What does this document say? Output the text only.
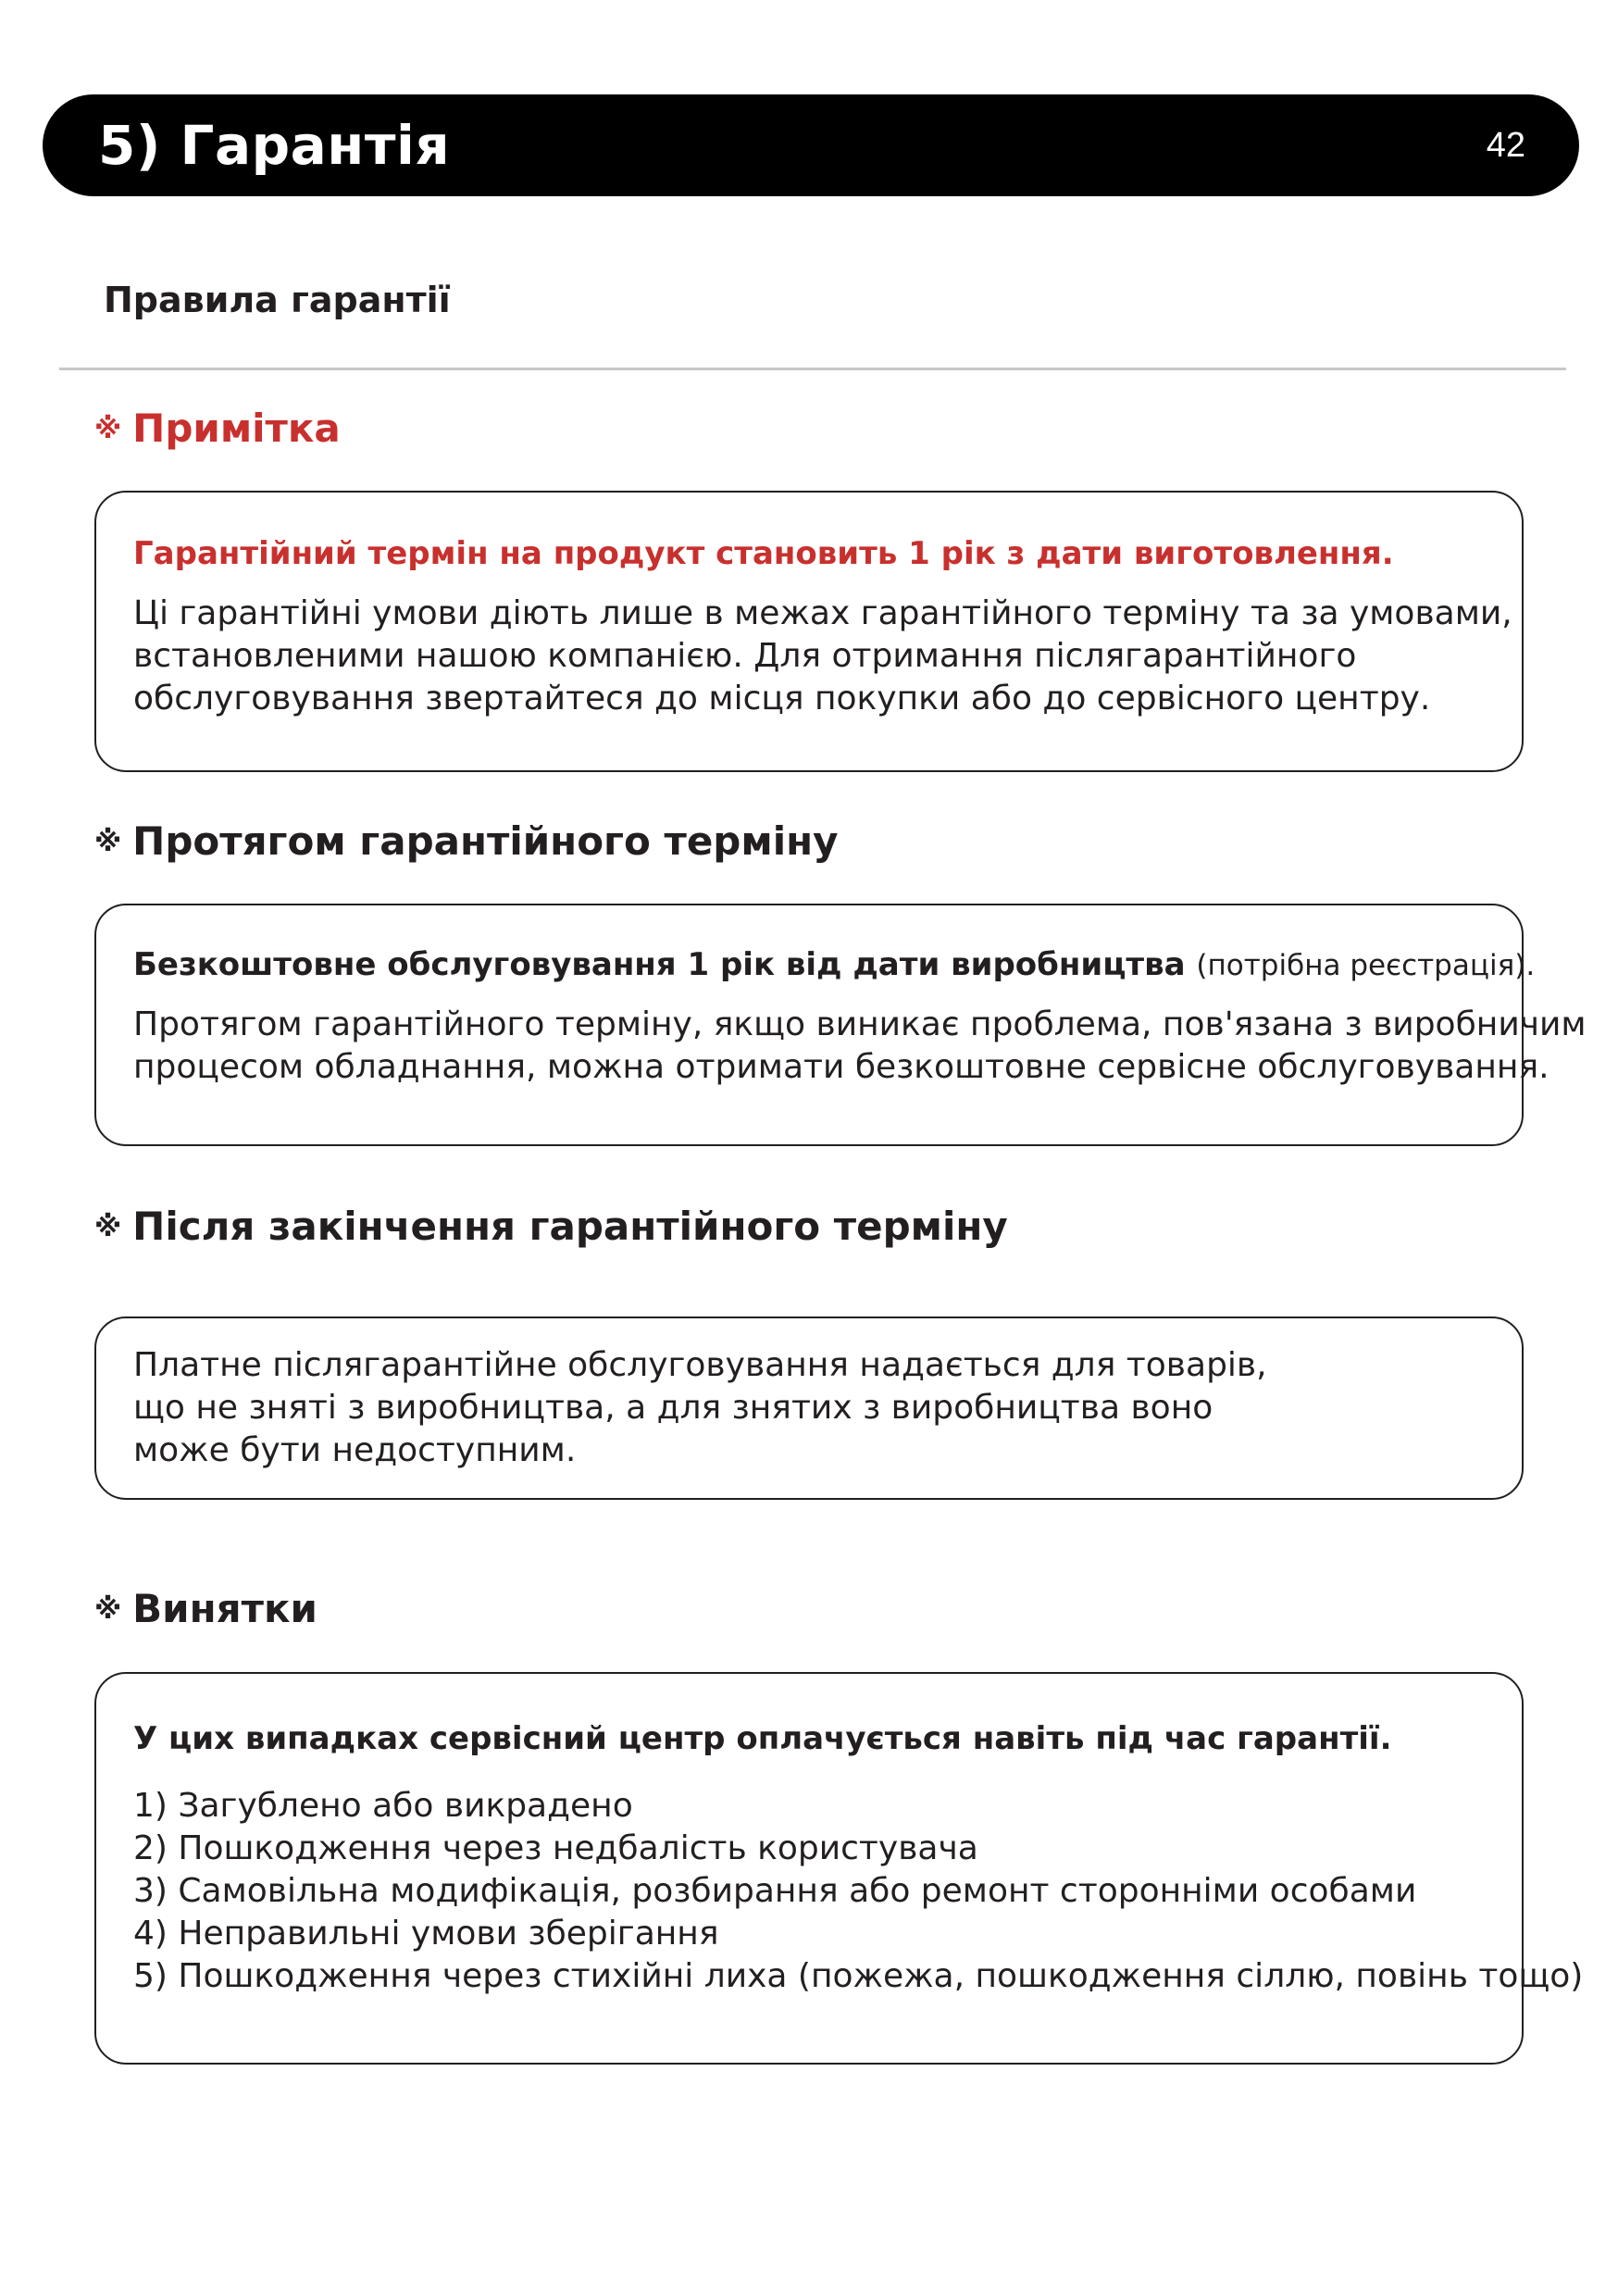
5) Гарантія	42
Правила гарантії
※ Примітка
Гарантійний термін на продукт становить 1 рік з дати виготовлення.
Ці гарантійні умови діють лише в межах гарантійного терміну та за умовами,
встановленими нашою компанією. Для отримання післягарантійного
обслуговування звертайтеся до місця покупки або до сервісного центру.
※ Протягом гарантійного терміну
Безкоштовне обслуговування 1 рік від дати виробництва (потрібна реєстрація).
Протягом гарантійного терміну, якщо виникає проблема, пов'язана з виробничим
процесом обладнання, можна отримати безкоштовне сервісне обслуговування.
※ Після закінчення гарантійного терміну
Платне післягарантійне обслуговування надається для товарів,
що не зняті з виробництва, а для знятих з виробництва воно
може бути недоступним.
※ Винятки
У цих випадках сервісний центр оплачується навіть під час гарантії.
1) Загублено або викрадено
2) Пошкодження через недбалість користувача
3) Самовільна модифікація, розбирання або ремонт сторонніми особами
4) Неправильні умови зберігання
5) Пошкодження через стихійні лиха (пожежа, пошкодження сіллю, повінь тощо)
